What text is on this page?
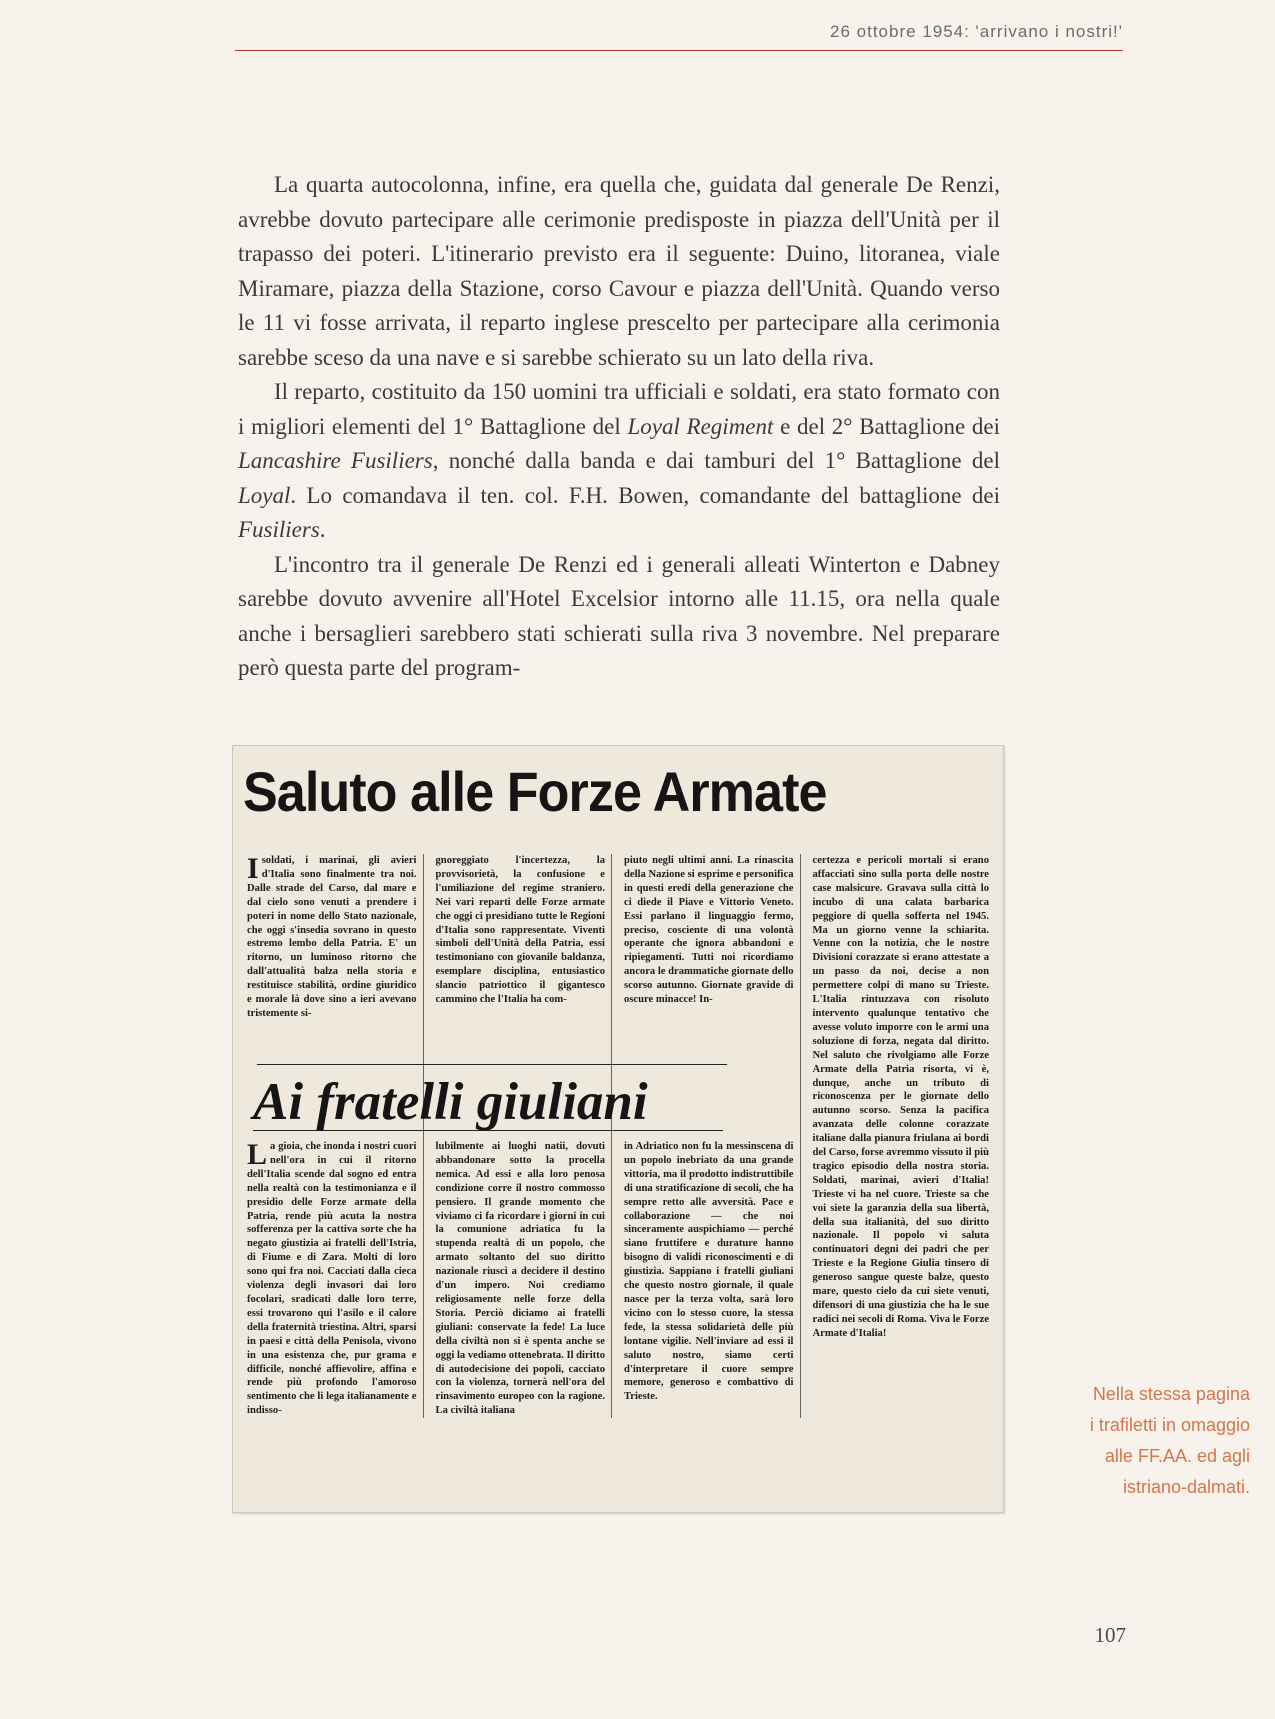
26 ottobre 1954: 'arrivano i nostri!'

La quarta autocolonna, infine, era quella che, guidata dal generale De Renzi, avrebbe dovuto partecipare alle cerimonie predisposte in piazza dell'Unità per il trapasso dei poteri. L'itinerario previsto era il seguente: Duino, litoranea, viale Miramare, piazza della Stazione, corso Cavour e piazza dell'Unità. Quando verso le 11 vi fosse arrivata, il reparto inglese prescelto per partecipare alla cerimonia sarebbe sceso da una nave e si sarebbe schierato su un lato della riva.

Il reparto, costituito da 150 uomini tra ufficiali e soldati, era stato formato con i migliori elementi del 1° Battaglione del Loyal Regiment e del 2° Battaglione dei Lancashire Fusiliers, nonché dalla banda e dai tamburi del 1° Battaglione del Loyal. Lo comandava il ten. col. F.H. Bowen, comandante del battaglione dei Fusiliers.

L'incontro tra il generale De Renzi ed i generali alleati Winterton e Dabney sarebbe dovuto avvenire all'Hotel Excelsior intorno alle 11.15, ora nella quale anche i bersaglieri sarebbero stati schierati sulla riva 3 novembre. Nel preparare però questa parte del program-

Saluto alle Forze Armate
Isoldati, i marinai, gli avieri d'Italia sono finalmente tra noi. Dalle strade del Carso, dal mare e dal cielo sono venuti a prendere i poteri in nome dello Stato nazionale, che oggi s'insedia sovrano in questo estremo lembo della Patria. E' un ritorno, un luminoso ritorno che dall'attualità balza nella storia e restituisce stabilità, ordine giuridico e morale là dove sino a ieri avevano tristemente si-
gnoreggiato l'incertezza, la provvisorietà, la confusione e l'umiliazione del regime straniero. Nei vari reparti delle Forze armate che oggi ci presidiano tutte le Regioni d'Italia sono rappresentate. Viventi simboli dell'Unità della Patria, essi testimoniano con giovanile baldanza, esemplare disciplina, entusiastico slancio patriottico il gigantesco cammino che l'Italia ha com-
piuto negli ultimi anni. La rinascita della Nazione si esprime e personifica in questi eredi della generazione che ci diede il Piave e Vittorio Veneto. Essi parlano il linguaggio fermo, preciso, cosciente di una volontà operante che ignora abbandoni e ripiegamenti. Tutti noi ricordiamo ancora le drammatiche giornate dello scorso autunno. Giornate gravide di oscure minacce! In-
certezza e pericoli mortali si erano affacciati sino sulla porta delle nostre case malsicure. Gravava sulla città lo incubo di una calata barbarica peggiore di quella sofferta nel 1945. Ma un giorno venne la schiarita. Venne con la notizia, che le nostre Divisioni corazzate si erano attestate a un passo da noi, decise a non permettere colpi di mano su Trieste. L'Italia rintuzzava con risoluto intervento qualunque tentativo che avesse voluto imporre con le armi una soluzione di forza, negata dal diritto. Nel saluto che rivolgiamo alle Forze Armate della Patria risorta, vi è, dunque, anche un tributo di riconoscenza per le giornate dello autunno scorso. Senza la pacifica avanzata delle colonne corazzate italiane dalla pianura friulana ai bordi del Carso, forse avremmo vissuto il più tragico episodio della nostra storia. Soldati, marinai, avieri d'Italia! Trieste vi ha nel cuore. Trieste sa che voi siete la garanzia della sua libertà, della sua italianità, del suo diritto nazionale. Il popolo vi saluta continuatori degni dei padri che per Trieste e la Regione Giulia tinsero di generoso sangue queste balze, questo mare, questo cielo da cui siete venuti, difensori di una giustizia che ha le sue radici nei secoli di Roma. Viva le Forze Armate d'Italia!
Ai fratelli giuliani
La gioia, che inonda i nostri cuori nell'ora in cui il ritorno dell'Italia scende dal sogno ed entra nella realtà con la testimonianza e il presidio delle Forze armate della Patria, rende più acuta la nostra sofferenza per la cattiva sorte che ha negato giustizia ai fratelli dell'Istria, di Fiume e di Zara. Molti di loro sono qui fra noi. Cacciati dalla cieca violenza degli invasori dai loro focolari, sradicati dalle loro terre, essi trovarono qui l'asilo e il calore della fraternità triestina. Altri, sparsi in paesi e città della Penisola, vivono in una esistenza che, pur grama e difficile, nonché affievolire, affina e rende più profondo l'amoroso sentimento che li lega italianamente e indisso-
lubilmente ai luoghi natii, dovuti abbandonare sotto la procella nemica. Ad essi e alla loro penosa condizione corre il nostro commosso pensiero. Il grande momento che viviamo ci fa ricordare i giorni in cui la comunione adriatica fu la stupenda realtà di un popolo, che armato soltanto del suo diritto nazionale riuscì a decidere il destino d'un impero. Noi crediamo religiosamente nelle forze della Storia. Perciò diciamo ai fratelli giuliani: conservate la fede! La luce della civiltà non si è spenta anche se oggi la vediamo ottenebrata. Il diritto di autodecisione dei popoli, cacciato con la violenza, tornerà nell'ora del rinsavimento europeo con la ragione. La civiltà italiana
in Adriatico non fu la messinscena di un popolo inebriato da una grande vittoria, ma il prodotto indistruttibile di una stratificazione di secoli, che ha sempre retto alle avversità. Pace e collaborazione — che noi sinceramente auspichiamo — perché siano fruttifere e durature hanno bisogno di validi riconoscimenti e di giustizia. Sappiano i fratelli giuliani che questo nostro giornale, il quale nasce per la terza volta, sarà loro vicino con lo stesso cuore, la stessa fede, la stessa solidarietà delle più lontane vigilie. Nell'inviare ad essi il saluto nostro, siamo certi d'interpretare il cuore sempre memore, generoso e combattivo di Trieste.	Nella stessa pagina
i trafiletti in omaggio
alle FF.AA. ed agli
istriano-dalmati.
107
